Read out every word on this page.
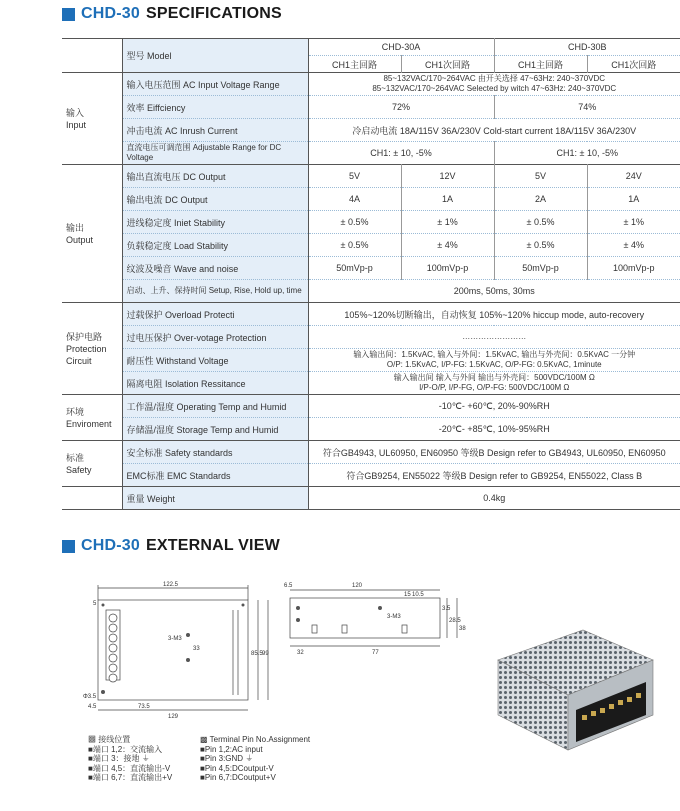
CHD-30 SPECIFICATIONS
	型号 Model	CHD-30A		CHD-30B	
		CH1主回路	CH1次回路	CH1主回路	CH1次回路
输入
Input	输入电压范围 AC Input Voltage Range	85~132VAC/170~264VAC 由开关选择 47~63Hz: 240~370VDC
85~132VAC/170~264VAC Selected by witch 47~63Hz: 240~370VDC			
	效率 Eiffciency	72%		74%	
	冲击电流 AC Inrush Current	冷启动电流 18A/115V 36A/230V Cold-start current 18A/115V 36A/230V			
	直流电压可调范围 Adjustable Range for DC Voltage	CH1: ± 10, -5%		CH1: ± 10, -5%	
输出
Output	输出直流电压 DC Output	5V	12V	5V	24V
	输出电流 DC Output	4A	1A	2A	1A
	进线稳定度 Iniet Stability	± 0.5%	± 1%	± 0.5%	± 1%
	负载稳定度 Load Stability	± 0.5%	± 4%	± 0.5%	± 4%
	纹波及噪音 Wave and noise	50mVp-p	100mVp-p	50mVp-p	100mVp-p
	启动、上升、保持时间 Setup, Rise, Hold up, time	200ms, 50ms, 30ms			
保护电路
Protection
Circuit	过载保护 Overload Protecti	105%~120%切断输出，自动恢复 105%~120% hiccup mode, auto-recovery			
	过电压保护 Over-votage Protection	……………………			
	耐压性 Withstand Voltage	输入输出间：1.5KvAC, 输入与外间：1.5KvAC, 输出与外壳间：0.5KvAC 一分钟
O/P: 1.5KvAC, I/P-FG: 1.5KvAC, O/P-FG: 0.5KvAC, 1minute			
	隔离电阻 Isolation Ressitance	输入输出间 输入与外间 输出与外壳间：500VDC/100M Ω
I/P-O/P, I/P-FG, O/P-FG: 500VDC/100M Ω			
环境
Enviroment	工作温/湿度 Operating Temp and Humid	-10℃- +60℃, 20%-90%RH			
	存储温/湿度 Storage Temp and Humid	-20℃- +85℃, 10%-95%RH			
标准
Safety	安全标准 Safety standards	符合GB4943, UL60950, EN60950 等级B Design refer to GB4943, UL60950, EN60950			
	EMC标准 EMC Standards	符合GB9254, EN55022 等级B Design refer to GB9254, EN55022, Class B			
	重量 Weight	0.4kg			
CHD-30 EXTERNAL VIEW
122.5
33
3-M3
85.5 99
4.5	73.5
129
Φ3.5
5
6.5	120
3-M3
32	77
15 10.5
3.5
28.5
38
▩ 接线位置
■端口 1,2：交流输入
■端口 3：接地 ⏚
■端口 4,5：直流输出-V
■端口 6,7：直流输出+V
▩ Terminal Pin No.Assignment
■Pin 1,2:AC input
■Pin 3:GND ⏚
■Pin 4,5:DCoutput-V
■Pin 6,7:DCoutput+V
